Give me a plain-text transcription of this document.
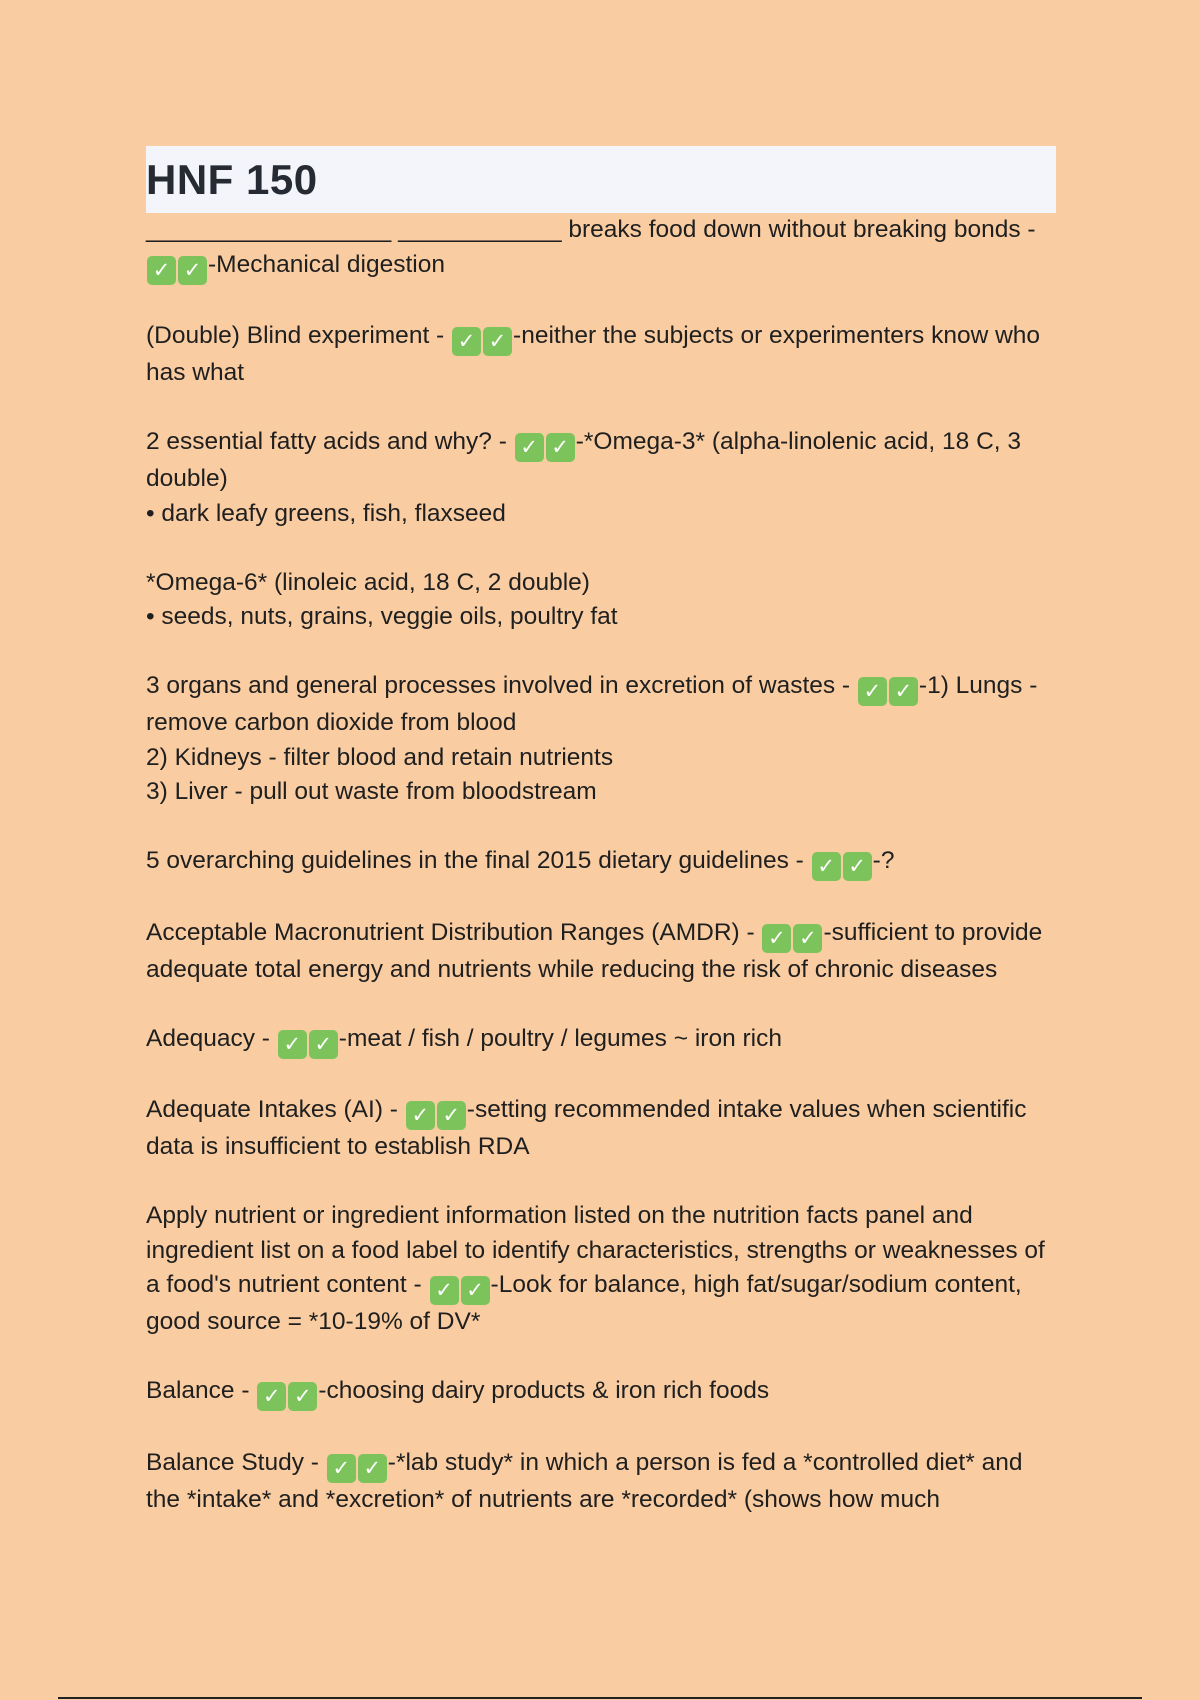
HNF 150

__________________ ____________ breaks food down without breaking bonds - ✓ ✓ -Mechanical digestion

(Double) Blind experiment - ✓ ✓ -neither the subjects or experimenters know who has what

2 essential fatty acids and why? - ✓ ✓ -*Omega-3* (alpha-linolenic acid, 18 C, 3 double)
• dark leafy greens, fish, flaxseed

*Omega-6* (linoleic acid, 18 C, 2 double)
• seeds, nuts, grains, veggie oils, poultry fat

3 organs and general processes involved in excretion of wastes - ✓ ✓ -1) Lungs - remove carbon dioxide from blood
2) Kidneys - filter blood and retain nutrients
3) Liver - pull out waste from bloodstream

5 overarching guidelines in the final 2015 dietary guidelines - ✓ ✓ -?

Acceptable Macronutrient Distribution Ranges (AMDR) - ✓ ✓ -sufficient to provide adequate total energy and nutrients while reducing the risk of chronic diseases

Adequacy - ✓ ✓ -meat / fish / poultry / legumes ~ iron rich

Adequate Intakes (AI) - ✓ ✓ -setting recommended intake values when scientific data is insufficient to establish RDA

Apply nutrient or ingredient information listed on the nutrition facts panel and ingredient list on a food label to identify characteristics, strengths or weaknesses of a food's nutrient content - ✓ ✓ -Look for balance, high fat/sugar/sodium content, good source = *10-19% of DV*

Balance - ✓ ✓ -choosing dairy products & iron rich foods

Balance Study - ✓ ✓ -*lab study* in which a person is fed a *controlled diet* and the *intake* and *excretion* of nutrients are *recorded* (shows how much
